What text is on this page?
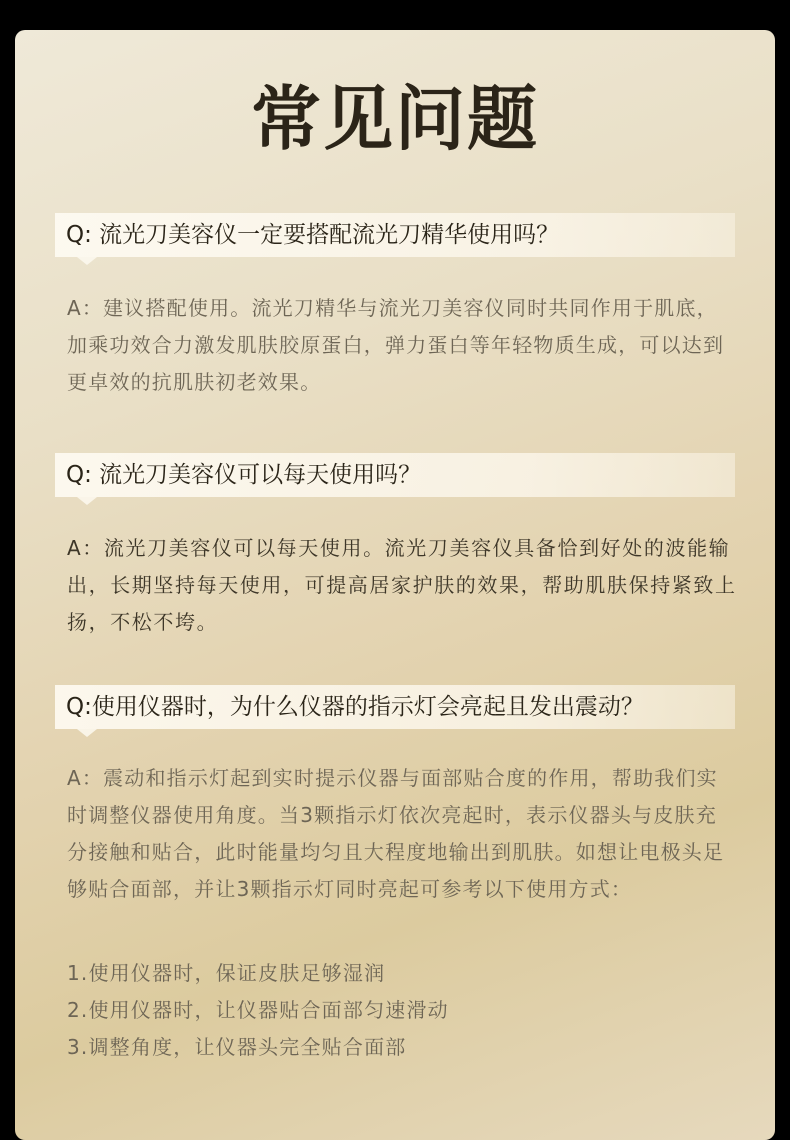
常见问题
Q: 流光刀美容仪一定要搭配流光刀精华使用吗？

A：建议搭配使用。流光刀精华与流光刀美容仪同时共同作用于肌底，加乘功效合力激发肌肤胶原蛋白，弹力蛋白等年轻物质生成，可以达到更卓效的抗肌肤初老效果。

Q: 流光刀美容仪可以每天使用吗？

A：流光刀美容仪可以每天使用。流光刀美容仪具备恰到好处的波能输出，长期坚持每天使用，可提高居家护肤的效果，帮助肌肤保持紧致上扬，不松不垮。

Q:使用仪器时，为什么仪器的指示灯会亮起且发出震动？

A：震动和指示灯起到实时提示仪器与面部贴合度的作用，帮助我们实时调整仪器使用角度。当3颗指示灯依次亮起时，表示仪器头与皮肤充分接触和贴合，此时能量均匀且大程度地输出到肌肤。如想让电极头足够贴合面部，并让3颗指示灯同时亮起可参考以下使用方式：

1.使用仪器时，保证皮肤足够湿润
2.使用仪器时，让仪器贴合面部匀速滑动
3.调整角度，让仪器头完全贴合面部
